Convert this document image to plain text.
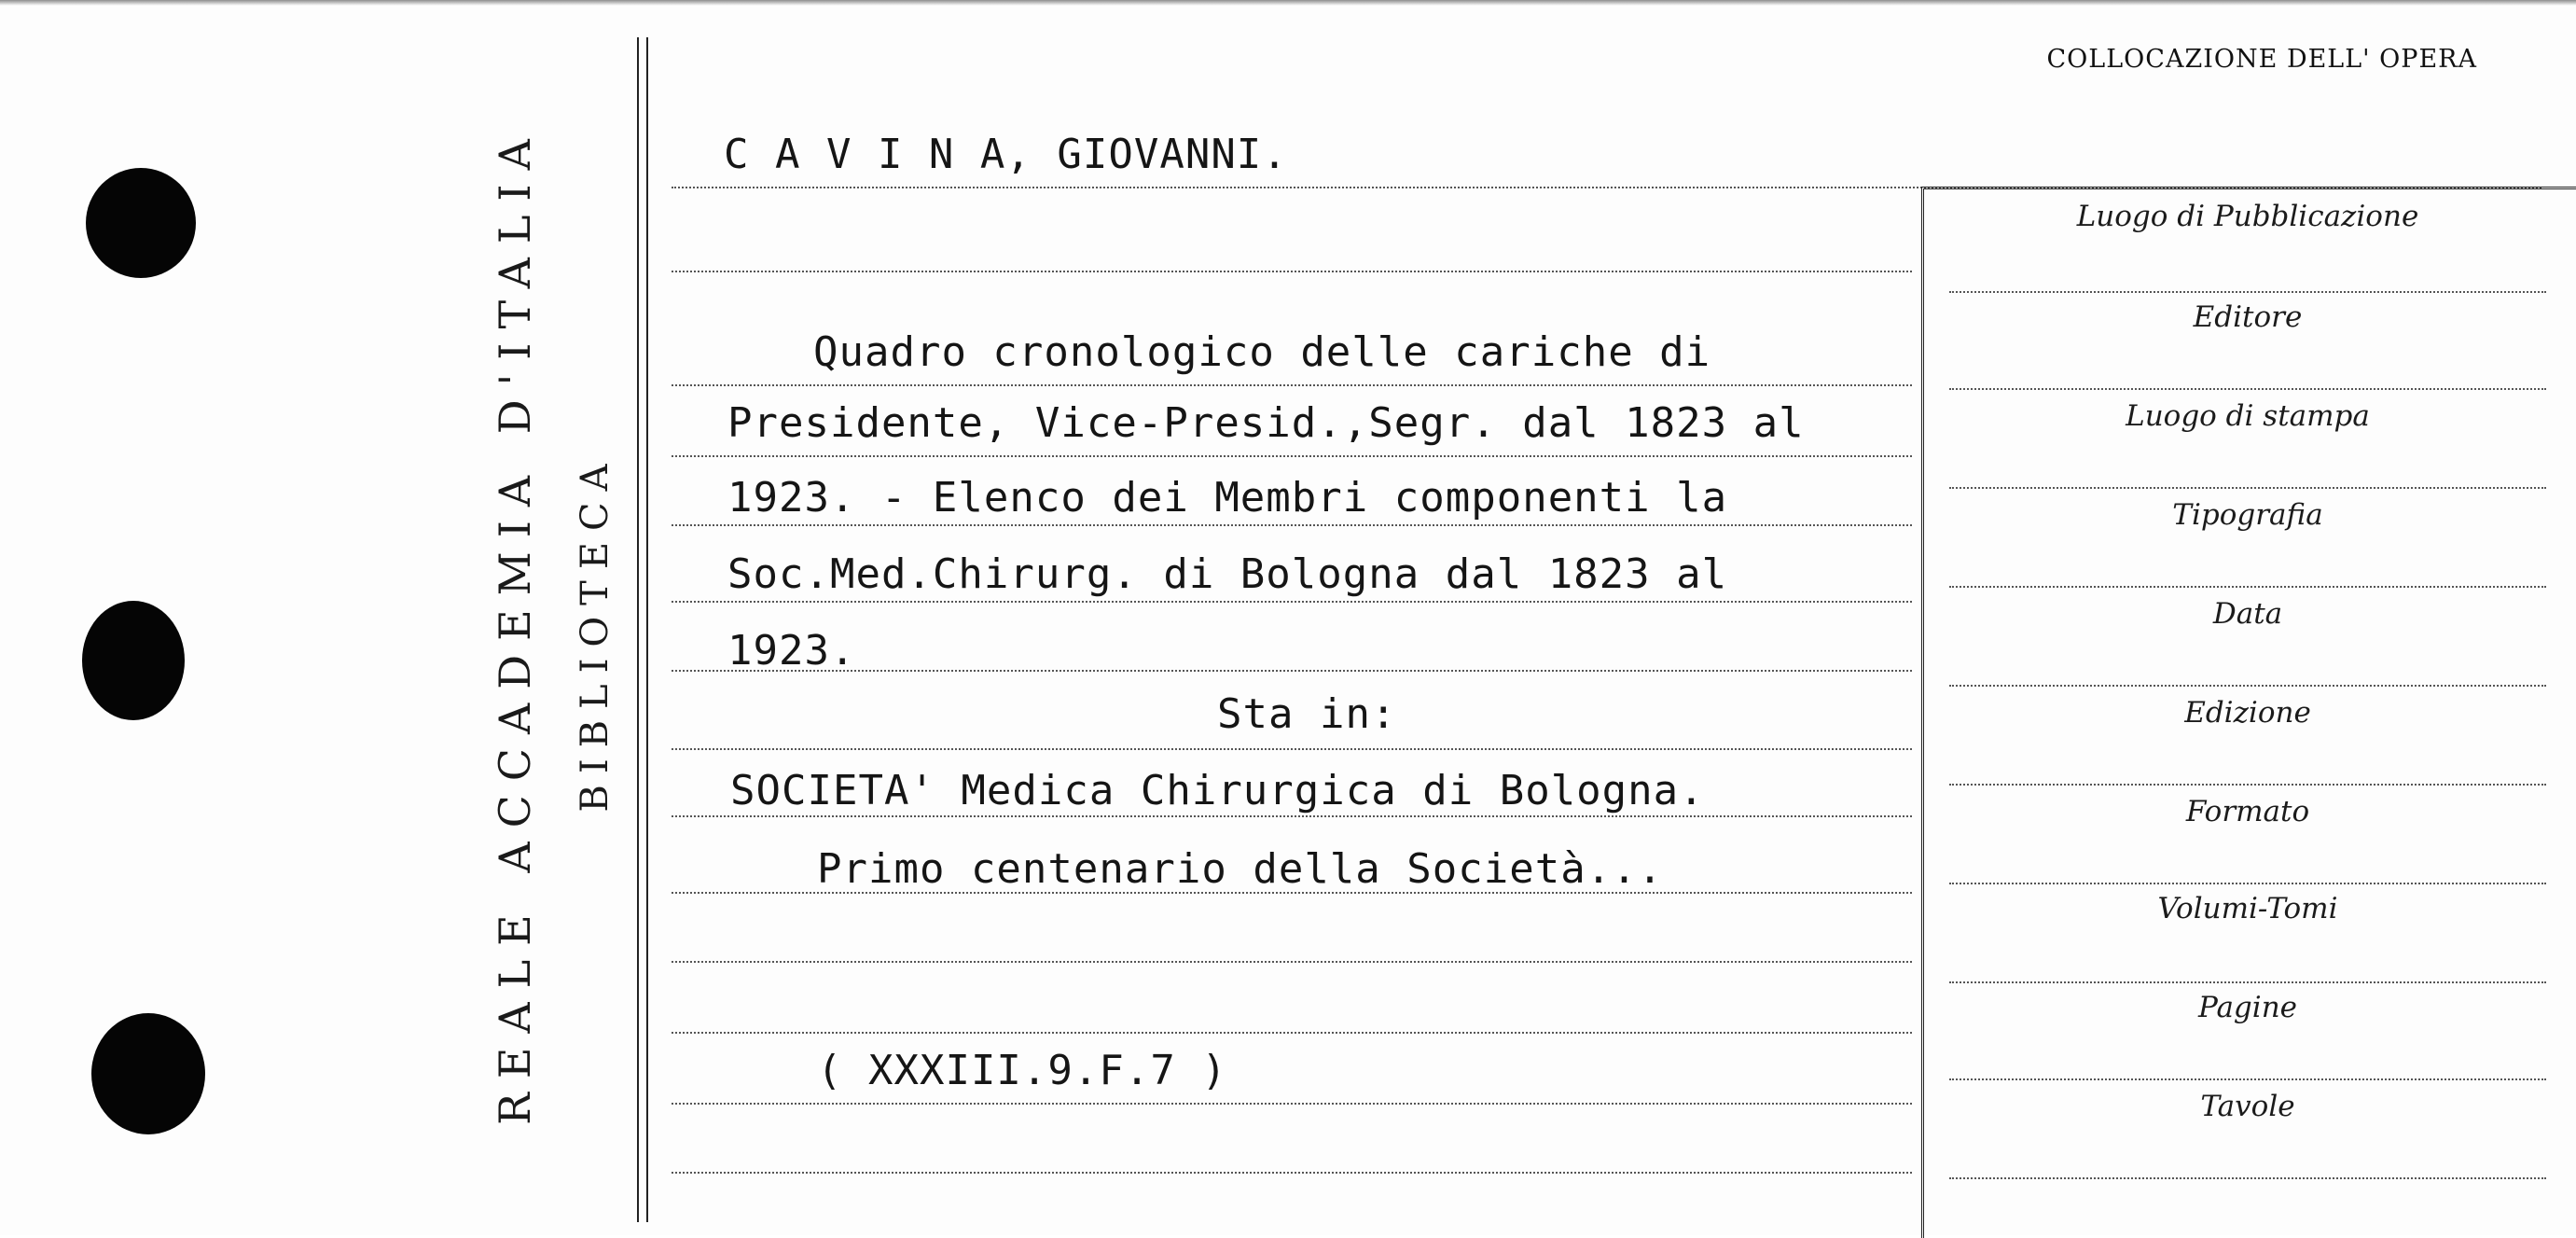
REALE ACCADEMIA D'ITALIA BIBLIOTECA
COLLOCAZIONE DELL' OPERA
C A V I N A, GIOVANNI.
Quadro cronologico delle cariche di
Presidente, Vice-Presid.,Segr. dal 1823 al
1923. - Elenco dei Membri componenti la
Soc.Med.Chirurg. di Bologna dal 1823 al
1923.
Sta in:
SOCIETA' Medica Chirurgica di Bologna.
Primo centenario della Società...
( XXXIII.9.F.7 )
Luogo di Pubblicazione
Editore
Luogo di stampa
Tipografia
Data
Edizione
Formato
Volumi-Tomi
Pagine
Tavole
